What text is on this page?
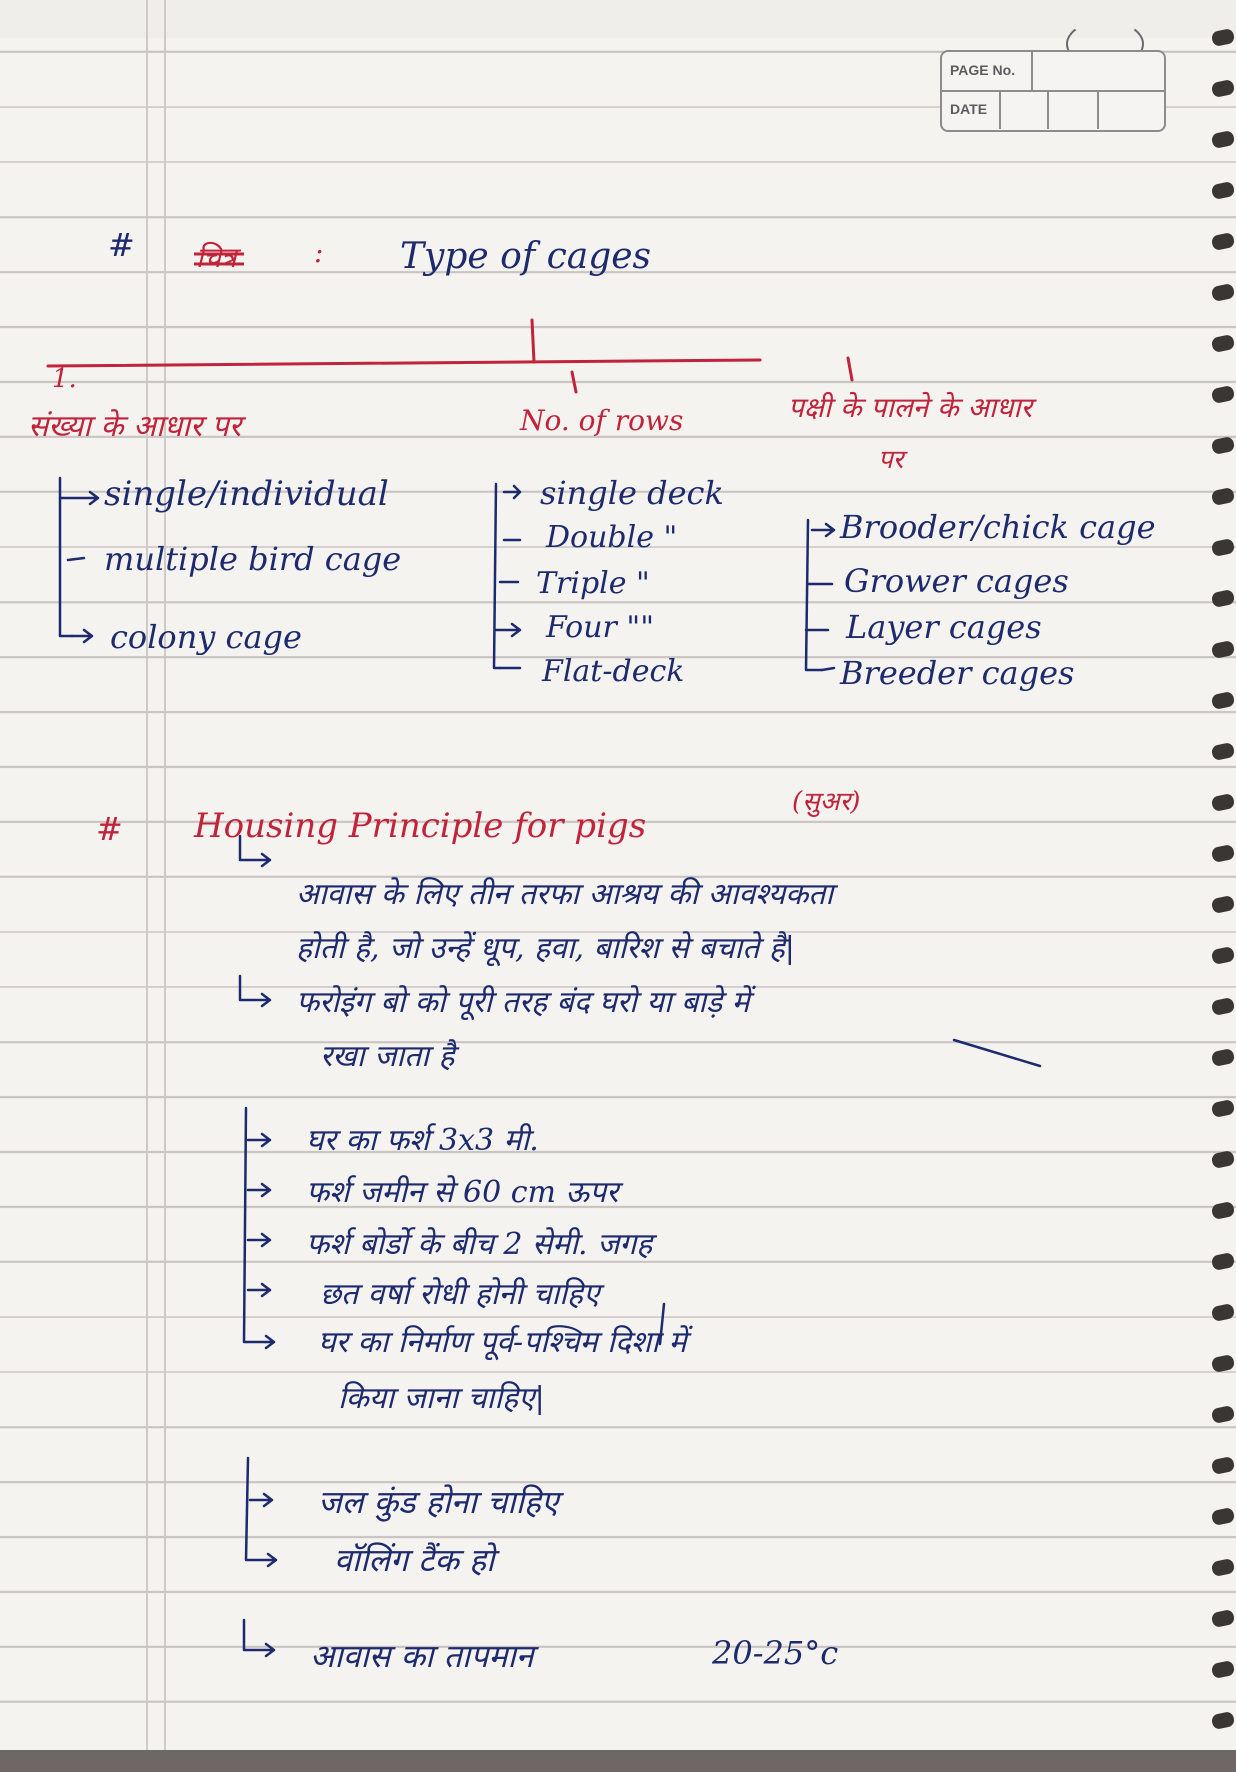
PAGE No.
DATE
# चित्र	: Type of cages
1.
संख्या के आधार पर	No. of rows	पक्षी के पालने के आधार
पर
single/individual
multiple bird cage
colony cage
single deck
Double "
Triple "
Four ""
Flat-deck
Brooder/chick cage
Grower cages
Layer cages
Breeder cages
# Housing Principle for pigs
(सुअर)
आवास के लिए तीन तरफा आश्रय की आवश्यकता
होती है, जो उन्हें धूप, हवा, बारिश से बचाते है|
फरोइंग बो को पूरी तरह बंद घरो या बाड़े में
रखा जाता है
घर का फर्श 3x3 मी.
फर्श जमीन से 60 cm ऊपर
फर्श बोर्डो के बीच 2 सेमी. जगह
छत वर्षा रोधी होनी चाहिए
घर का निर्माण पूर्व-पश्चिम दिशा में
किया जाना चाहिए|
जल कुंड होना चाहिए
वॉलिंग टैंक हो
आवास का तापमान	20-25°c
